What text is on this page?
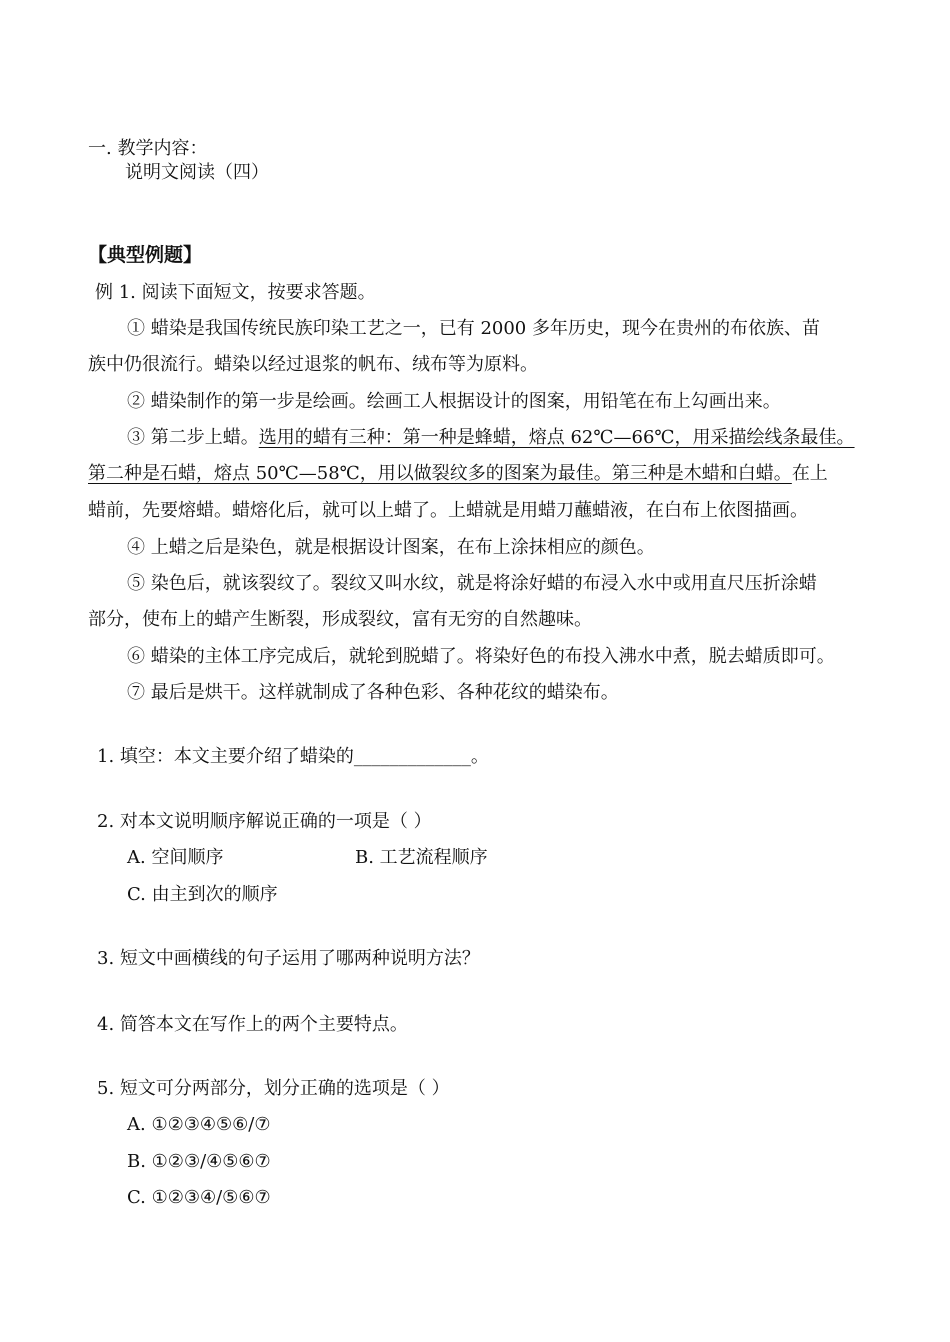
一. 教学内容：
说明文阅读（四）
【典型例题】
例 1. 阅读下面短文，按要求答题。
① 蜡染是我国传统民族印染工艺之一，已有 2000 多年历史，现今在贵州的布依族、苗
族中仍很流行。蜡染以经过退浆的帆布、绒布等为原料。
② 蜡染制作的第一步是绘画。绘画工人根据设计的图案，用铅笔在布上勾画出来。
③ 第二步上蜡。选用的蜡有三种：第一种是蜂蜡，熔点 62℃—66℃，用采描绘线条最佳。
第二种是石蜡，熔点 50℃—58℃，用以做裂纹多的图案为最佳。第三种是木蜡和白蜡。在上
蜡前，先要熔蜡。蜡熔化后，就可以上蜡了。上蜡就是用蜡刀蘸蜡液，在白布上依图描画。
④ 上蜡之后是染色，就是根据设计图案，在布上涂抹相应的颜色。
⑤ 染色后，就该裂纹了。裂纹又叫水纹，就是将涂好蜡的布浸入水中或用直尺压折涂蜡
部分，使布上的蜡产生断裂，形成裂纹，富有无穷的自然趣味。
⑥ 蜡染的主体工序完成后，就轮到脱蜡了。将染好色的布投入沸水中煮，脱去蜡质即可。
⑦ 最后是烘干。这样就制成了各种色彩、各种花纹的蜡染布。
1. 填空：本文主要介绍了蜡染的_____________。
2. 对本文说明顺序解说正确的一项是（ ）
A. 空间顺序	B. 工艺流程顺序
C. 由主到次的顺序
3. 短文中画横线的句子运用了哪两种说明方法？
4. 简答本文在写作上的两个主要特点。
5. 短文可分两部分，划分正确的选项是（ ）
A. ①②③④⑤⑥/⑦
B. ①②③/④⑤⑥⑦
C. ①②③④/⑤⑥⑦
